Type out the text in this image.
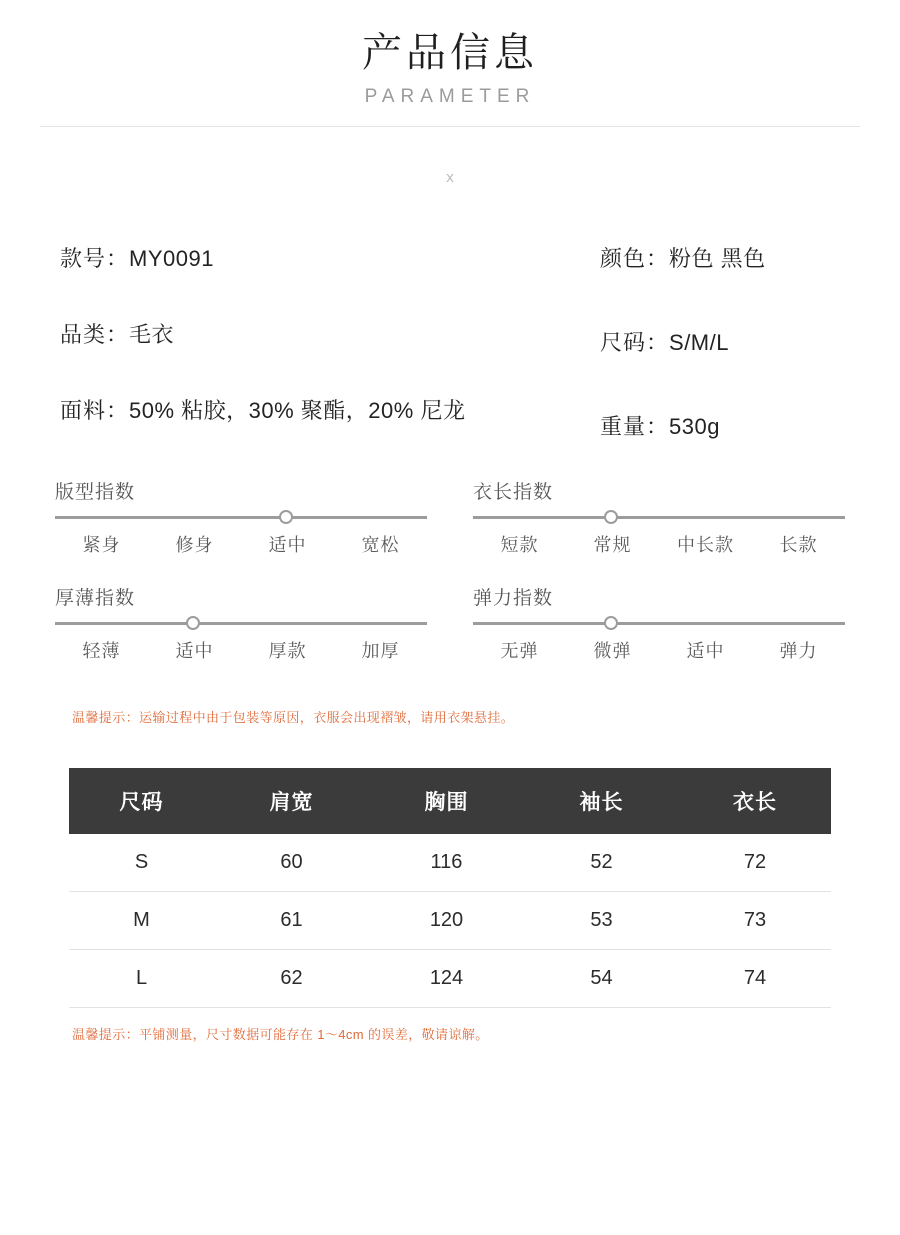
产品信息
PARAMETER
x
款号：MY0091
品类：毛衣
面料：50% 粘胶，30% 聚酯，20% 尼龙
颜色：粉色 黑色
尺码：S/M/L
重量：530g
版型指数
紧身	修身	适中	宽松
衣长指数
短款	常规	中长款	长款
厚薄指数
轻薄	适中	厚款	加厚
弹力指数
无弹	微弹	适中	弹力
温馨提示：运输过程中由于包装等原因，衣服会出现褶皱，请用衣架悬挂。
尺码	肩宽	胸围	袖长	衣长
S	60	116	52	72
M	61	120	53	73
L	62	124	54	74
温馨提示：平铺测量，尺寸数据可能存在 1～4cm 的误差，敬请谅解。
